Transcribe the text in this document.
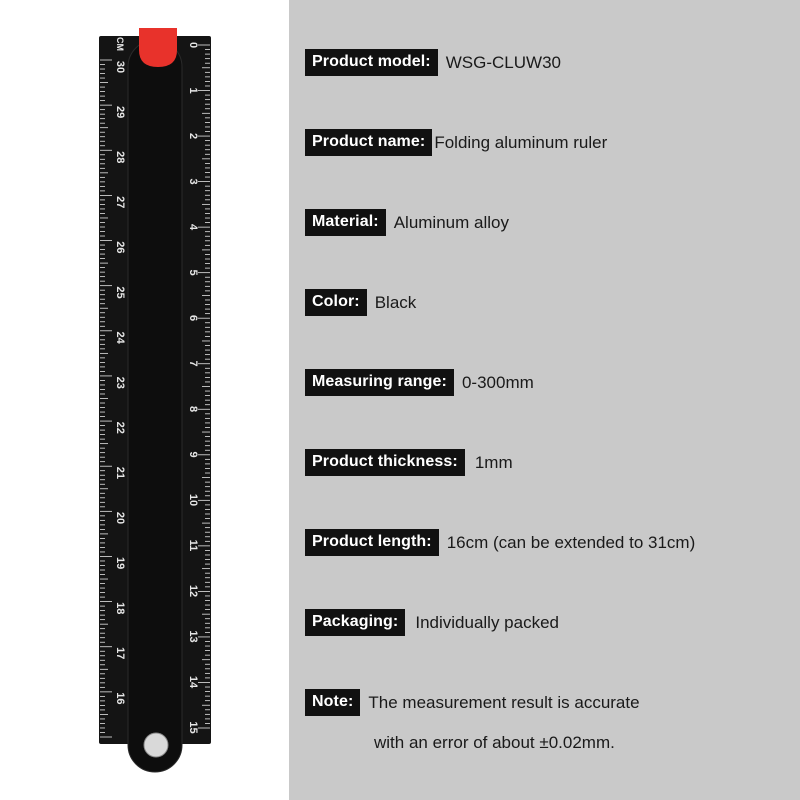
CM
30
29
28
27
26
25
24
23
22
21
20
19
18
17
16
0
1
2
3
4
5
6
7
8
9
10
11
12
13
14
15
Product model: WSG-CLUW30
Product name: Folding aluminum ruler
Material: Aluminum alloy
Color: Black
Measuring range: 0-300mm
Product thickness:	1mm
Product length: 16cm (can be extended to 31cm)
Packaging:	Individually packed
Note: The measurement result is accurate
with an error of about ±0.02mm.
